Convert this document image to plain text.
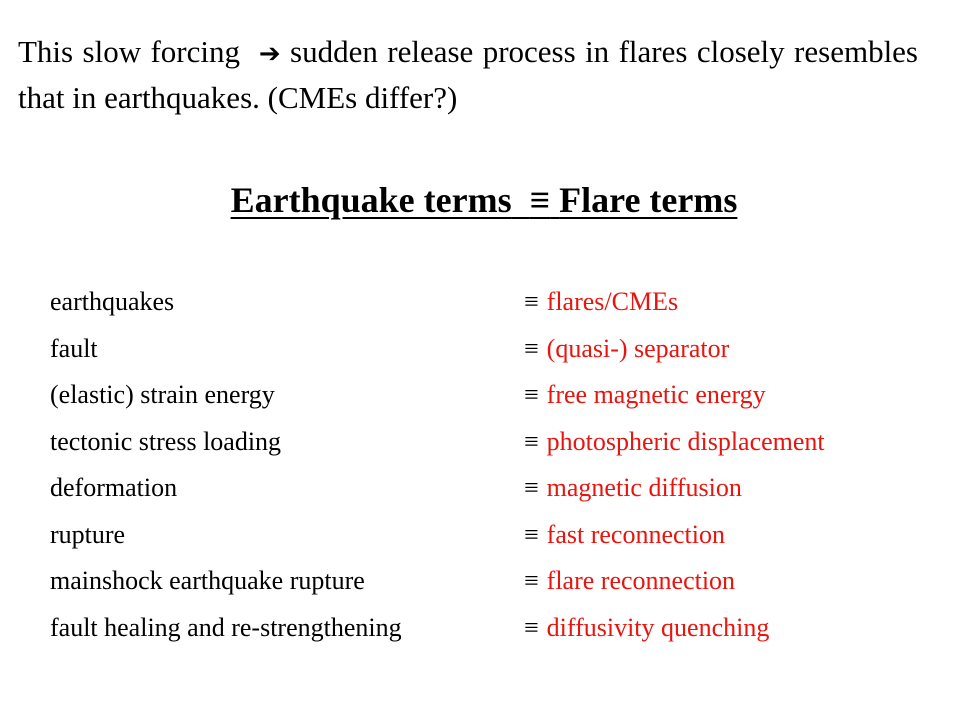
This slow forcing ➔ sudden release process in flares closely resembles that in earthquakes. (CMEs differ?)

Earthquake terms ≡ Flare terms
earthquakes	≡ flares/CMEs
fault	≡ (quasi-) separator
(elastic) strain energy	≡ free magnetic energy
tectonic stress loading	≡ photospheric displacement
deformation	≡ magnetic diffusion
rupture	≡ fast reconnection
mainshock earthquake rupture	≡ flare reconnection
fault healing and re-strengthening	≡ diffusivity quenching
